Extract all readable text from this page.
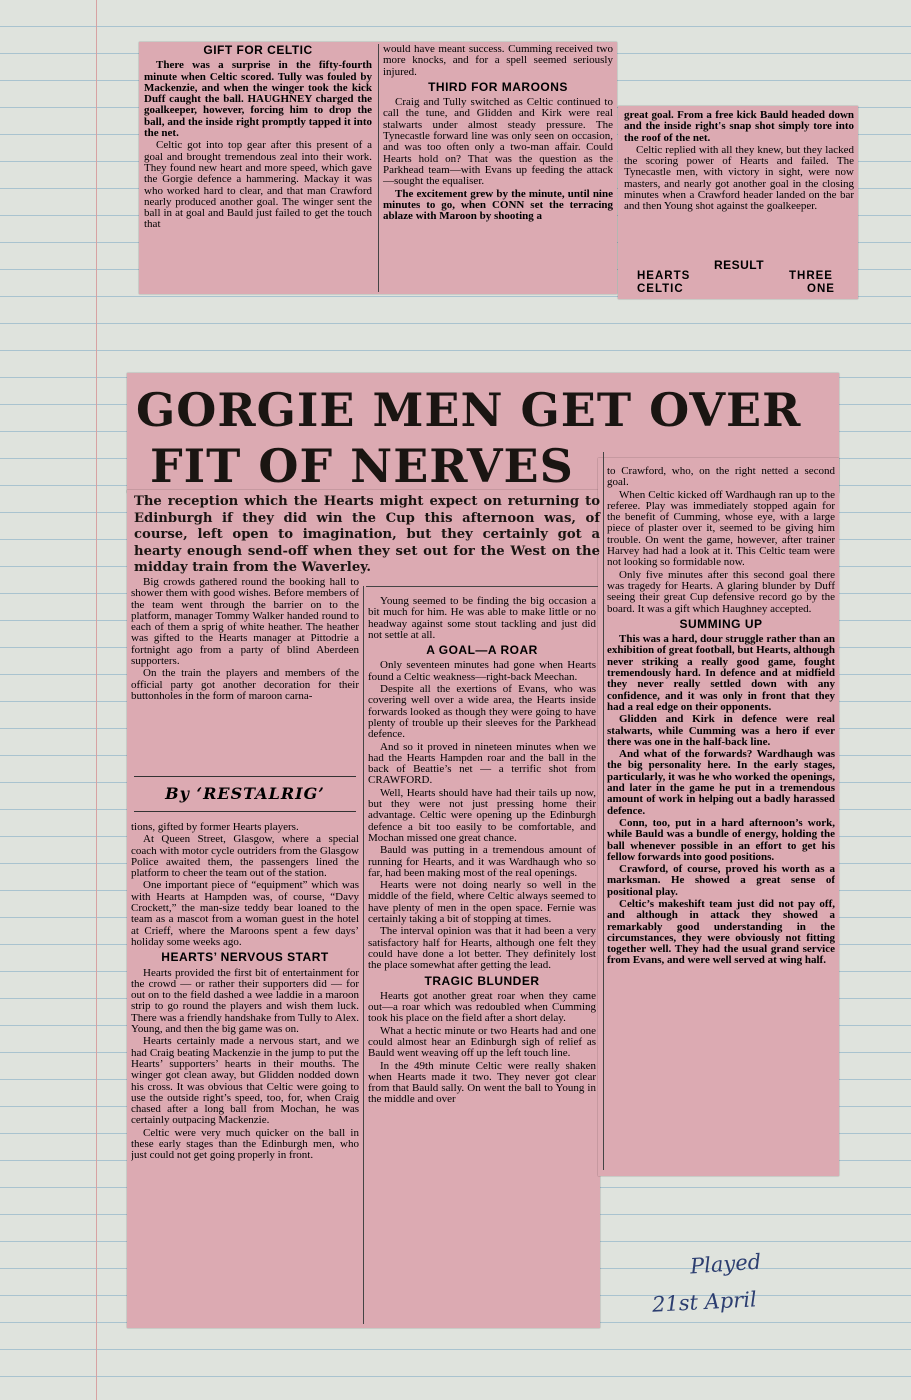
GIFT FOR CELTIC

There was a surprise in the fifty-fourth minute when Celtic scored. Tully was fouled by Mackenzie, and when the winger took the kick Duff caught the ball. HAUGHNEY charged the goalkeeper, however, forcing him to drop the ball, and the inside right promptly tapped it into the net.

Celtic got into top gear after this present of a goal and brought tremendous zeal into their work. They found new heart and more speed, which gave the Gorgie defence a hammering. Mackay it was who worked hard to clear, and that man Crawford nearly produced another goal. The winger sent the ball in at goal and Bauld just failed to get the touch that

would have meant success. Cumming received two more knocks, and for a spell seemed seriously injured.

THIRD FOR MAROONS

Craig and Tully switched as Celtic continued to call the tune, and Glidden and Kirk were real stalwarts under almost steady pressure. The Tynecastle forward line was only seen on occasion, and was too often only a two-man affair. Could Hearts hold on? That was the question as the Parkhead team—with Evans up feeding the attack—sought the equaliser.

The excitement grew by the minute, until nine minutes to go, when CONN set the terracing ablaze with Maroon by shooting a

great goal. From a free kick Bauld headed down and the inside right's snap shot simply tore into the roof of the net.

Celtic replied with all they knew, but they lacked the scoring power of Hearts and failed. The Tynecastle men, with victory in sight, were now masters, and nearly got another goal in the closing minutes when a Crawford header landed on the bar and then Young shot against the goalkeeper.

RESULT
HEARTS	THREE
CELTIC	ONE
GORGIE MEN GET OVER
FIT OF NERVES
The reception which the Hearts might expect on returning to Edinburgh if they did win the Cup this afternoon was, of course, left open to imagination, but they certainly got a hearty enough send-off when they set out for the West on the midday train from the Waverley.

Big crowds gathered round the booking hall to shower them with good wishes. Before members of the team went through the barrier on to the platform, manager Tommy Walker handed round to each of them a sprig of white heather. The heather was gifted to the Hearts manager at Pittodrie a fortnight ago from a party of blind Aberdeen supporters.

On the train the players and members of the official party got another decoration for their buttonholes in the form of maroon carna-

By ‘RESTALRIG’

tions, gifted by former Hearts players.

At Queen Street, Glasgow, where a special coach with motor cycle outriders from the Glasgow Police awaited them, the passengers lined the platform to cheer the team out of the station.

One important piece of “equipment” which was with Hearts at Hampden was, of course, “Davy Crockett,” the man-size teddy bear loaned to the team as a mascot from a woman guest in the hotel at Crieff, where the Maroons spent a few days’ holiday some weeks ago.

HEARTS’ NERVOUS START

Hearts provided the first bit of entertainment for the crowd — or rather their supporters did — for out on to the field dashed a wee laddie in a maroon strip to go round the players and wish them luck. There was a friendly handshake from Tully to Alex. Young, and then the big game was on.

Hearts certainly made a nervous start, and we had Craig beating Mackenzie in the jump to put the Hearts’ supporters’ hearts in their mouths. The winger got clean away, but Glidden nodded down his cross. It was obvious that Celtic were going to use the outside right’s speed, too, for, when Craig chased after a long ball from Mochan, he was certainly outpacing Mackenzie.

Celtic were very much quicker on the ball in these early stages than the Edinburgh men, who just could not get going properly in front.

Young seemed to be finding the big occasion a bit much for him. He was able to make little or no headway against some stout tackling and just did not settle at all.

A GOAL—A ROAR

Only seventeen minutes had gone when Hearts found a Celtic weakness—right-back Meechan.

Despite all the exertions of Evans, who was covering well over a wide area, the Hearts inside forwards looked as though they were going to have plenty of trouble up their sleeves for the Parkhead defence.

And so it proved in nineteen minutes when we had the Hearts Hampden roar and the ball in the back of Beattie’s net — a terrific shot from CRAWFORD.

Well, Hearts should have had their tails up now, but they were not just pressing home their advantage. Celtic were opening up the Edinburgh defence a bit too easily to be comfortable, and Mochan missed one great chance.

Bauld was putting in a tremendous amount of running for Hearts, and it was Wardhaugh who so far, had been making most of the real openings.

Hearts were not doing nearly so well in the middle of the field, where Celtic always seemed to have plenty of men in the open space. Fernie was certainly taking a bit of stopping at times.

The interval opinion was that it had been a very satisfactory half for Hearts, although one felt they could have done a lot better. They definitely lost the place somewhat after getting the lead.

TRAGIC BLUNDER

Hearts got another great roar when they came out—a roar which was redoubled when Cumming took his place on the field after a short delay.

What a hectic minute or two Hearts had and one could almost hear an Edinburgh sigh of relief as Bauld went weaving off up the left touch line.

In the 49th minute Celtic were really shaken when Hearts made it two. They never got clear from that Bauld sally. On went the ball to Young in the middle and over

to Crawford, who, on the right netted a second goal.

When Celtic kicked off Wardhaugh ran up to the referee. Play was immediately stopped again for the benefit of Cumming, whose eye, with a large piece of plaster over it, seemed to be giving him trouble. On went the game, however, after trainer Harvey had had a look at it. This Celtic team were not looking so formidable now.

Only five minutes after this second goal there was tragedy for Hearts. A glaring blunder by Duff seeing their great Cup defensive record go by the board. It was a gift which Haughney accepted.

SUMMING UP

This was a hard, dour struggle rather than an exhibition of great football, but Hearts, although never striking a really good game, fought tremendously hard. In defence and at midfield they never really settled down with any confidence, and it was only in front that they had a real edge on their opponents.

Glidden and Kirk in defence were real stalwarts, while Cumming was a hero if ever there was one in the half-back line.

And what of the forwards? Wardhaugh was the big personality here. In the early stages, particularly, it was he who worked the openings, and later in the game he put in a tremendous amount of work in helping out a badly harassed defence.

Conn, too, put in a hard afternoon’s work, while Bauld was a bundle of energy, holding the ball whenever possible in an effort to get his fellow forwards into good positions.

Crawford, of course, proved his worth as a marksman. He showed a great sense of positional play.

Celtic’s makeshift team just did not pay off, and although in attack they showed a remarkably good understanding in the circumstances, they were obviously not fitting together well. They had the usual grand service from Evans, and were well served at wing half.

Played
21st April
